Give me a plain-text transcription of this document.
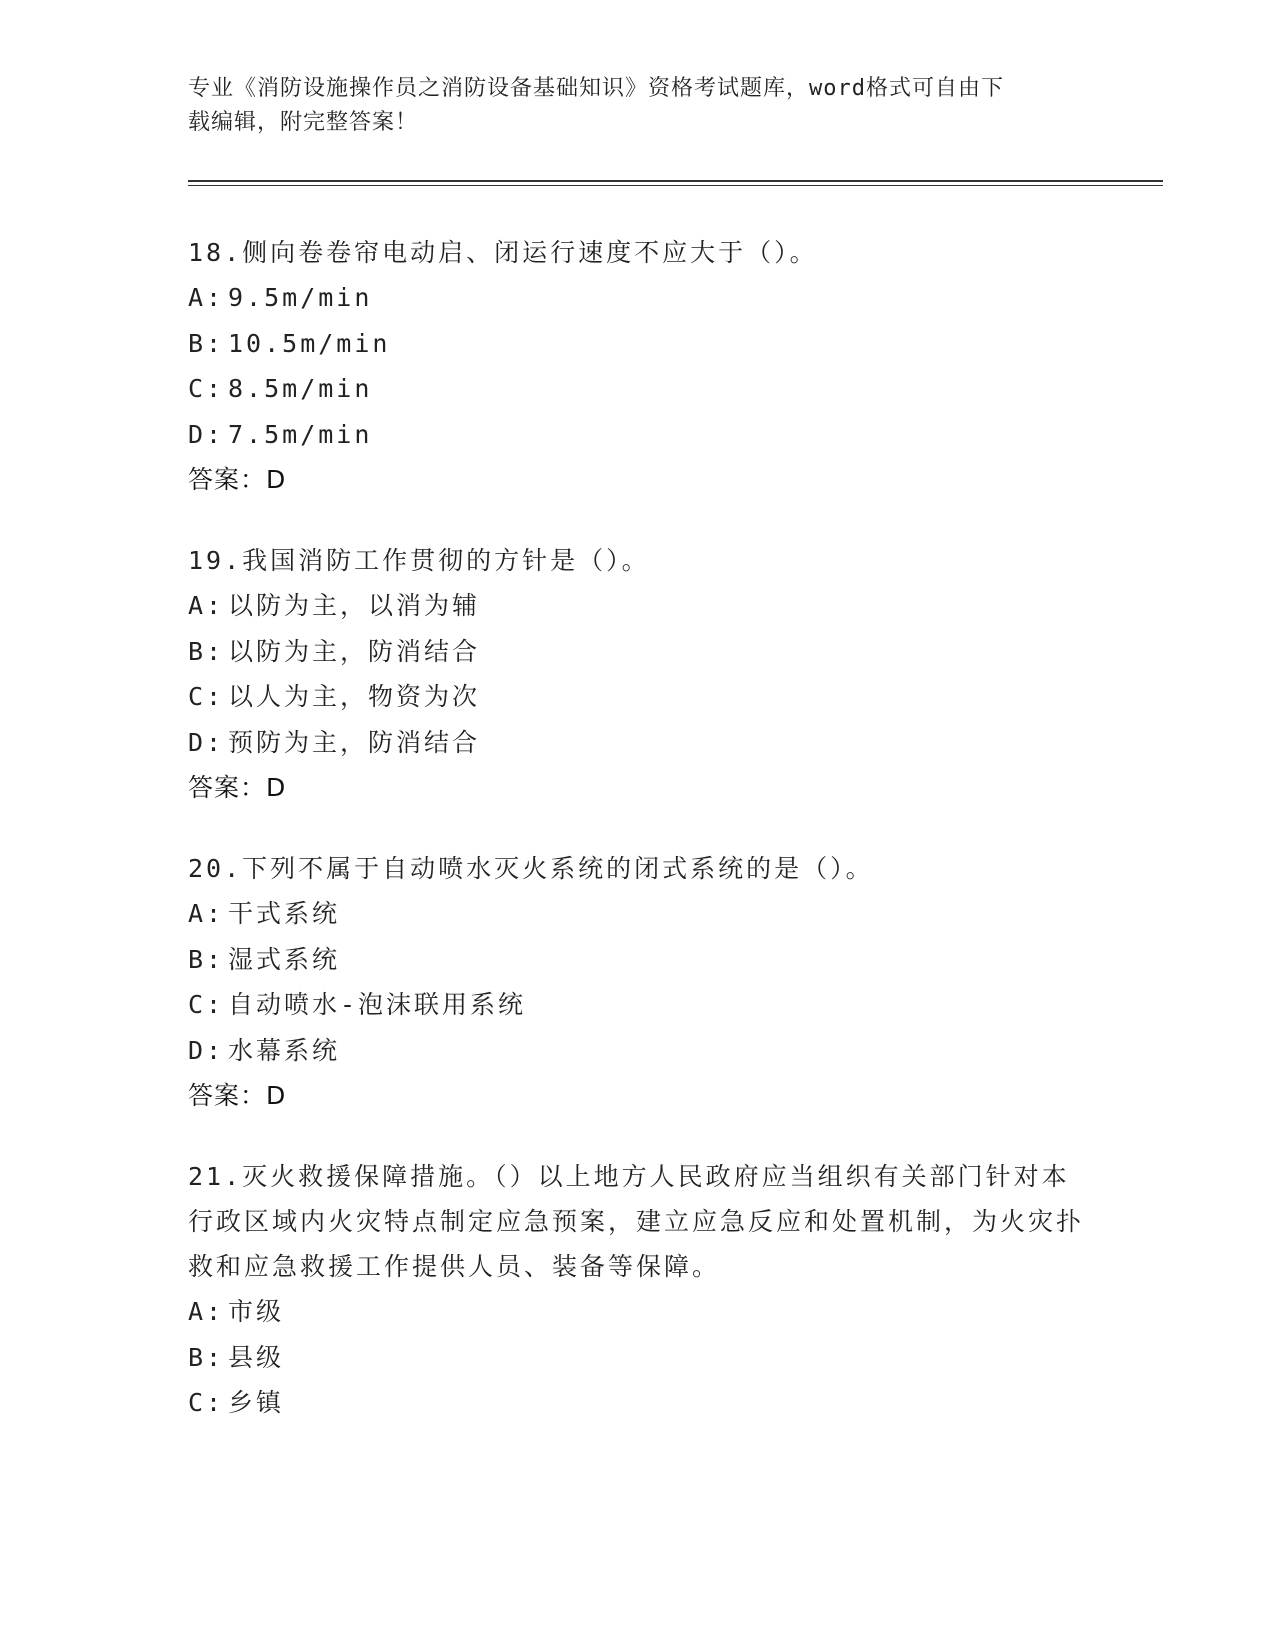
专业《消防设施操作员之消防设备基础知识》资格考试题库，word格式可自由下
载编辑，附完整答案！
18.侧向卷卷帘电动启、闭运行速度不应大于（）。
A: 9.5m/min
B: 10.5m/min
C: 8.5m/min
D: 7.5m/min
答案：D
19.我国消防工作贯彻的方针是（）。
A: 以防为主，以消为辅
B: 以防为主，防消结合
C: 以人为主，物资为次
D: 预防为主，防消结合
答案：D
20.下列不属于自动喷水灭火系统的闭式系统的是（）。
A: 干式系统
B: 湿式系统
C: 自动喷水-泡沫联用系统
D: 水幕系统
答案：D
21.灭火救援保障措施。（）以上地方人民政府应当组织有关部门针对本行政区域内火灾特点制定应急预案，建立应急反应和处置机制，为火灾扑救和应急救援工作提供人员、装备等保障。
A: 市级
B: 县级
C: 乡镇
